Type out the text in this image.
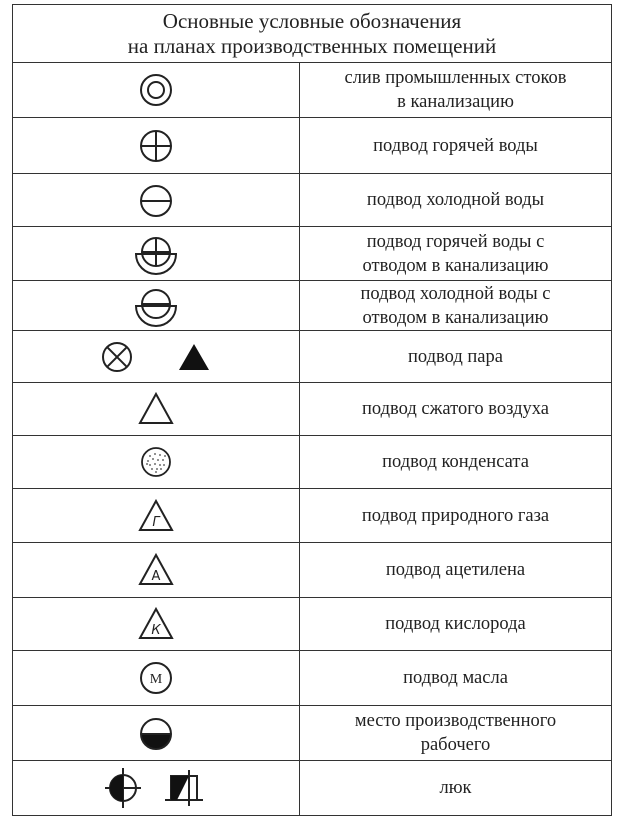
Основные условные обозначения
на планах производственных помещений
слив промышленных стоков
в канализацию
подвод горячей воды
подвод холодной воды
подвод горячей воды с
отводом в канализацию
подвод холодной воды с
отводом в канализацию
подвод пара
подвод сжатого воздуха
подвод конденсата
Г	подвод природного газа
А	подвод ацетилена
К	подвод кислорода
М	подвод масла
место производственного
рабочего
люк
